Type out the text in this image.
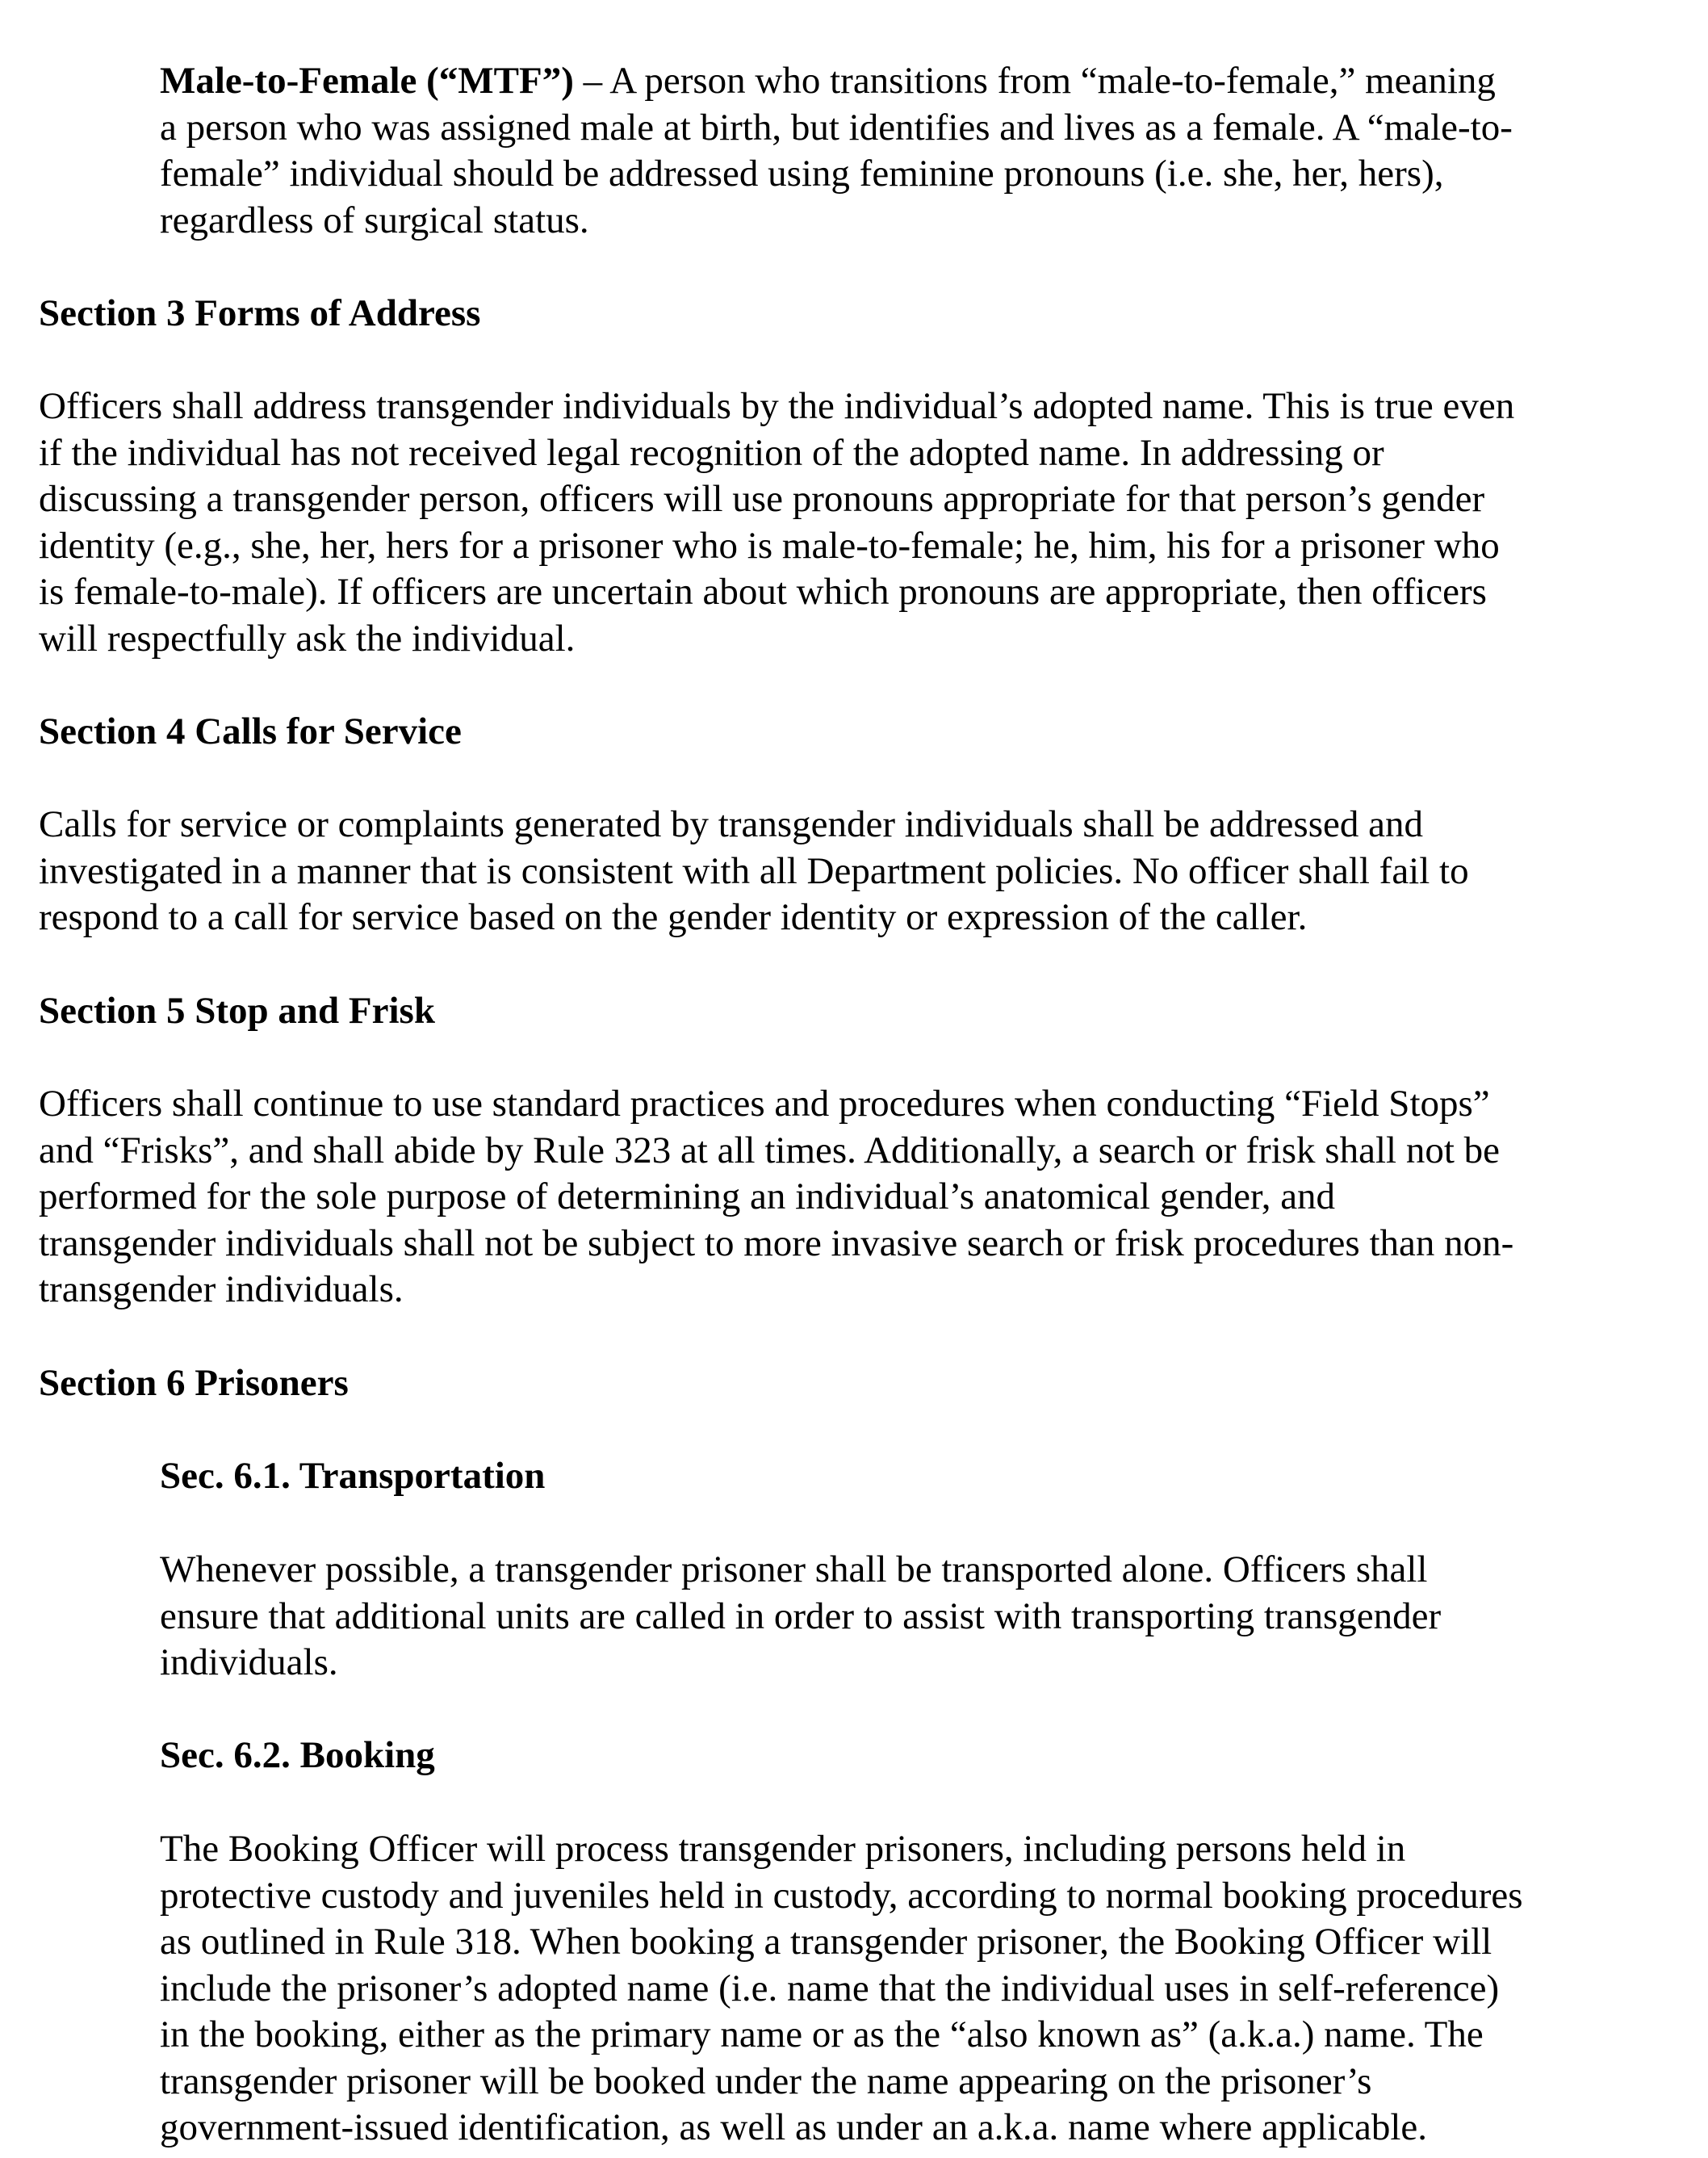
Male-to-Female (“MTF”) – A person who transitions from “male-to-female,” meaning
a person who was assigned male at birth, but identifies and lives as a female. A “male-to-
female” individual should be addressed using feminine pronouns (i.e. she, her, hers),
regardless of surgical status.

Section 3 Forms of Address

Officers shall address transgender individuals by the individual’s adopted name. This is true even
if the individual has not received legal recognition of the adopted name. In addressing or
discussing a transgender person, officers will use pronouns appropriate for that person’s gender
identity (e.g., she, her, hers for a prisoner who is male-to-female; he, him, his for a prisoner who
is female-to-male). If officers are uncertain about which pronouns are appropriate, then officers
will respectfully ask the individual.

Section 4 Calls for Service

Calls for service or complaints generated by transgender individuals shall be addressed and
investigated in a manner that is consistent with all Department policies. No officer shall fail to
respond to a call for service based on the gender identity or expression of the caller.

Section 5 Stop and Frisk

Officers shall continue to use standard practices and procedures when conducting “Field Stops”
and “Frisks”, and shall abide by Rule 323 at all times. Additionally, a search or frisk shall not be
performed for the sole purpose of determining an individual’s anatomical gender, and
transgender individuals shall not be subject to more invasive search or frisk procedures than non-
transgender individuals.

Section 6 Prisoners
Sec. 6.1. Transportation

Whenever possible, a transgender prisoner shall be transported alone. Officers shall
ensure that additional units are called in order to assist with transporting transgender
individuals.

Sec. 6.2. Booking

The Booking Officer will process transgender prisoners, including persons held in
protective custody and juveniles held in custody, according to normal booking procedures
as outlined in Rule 318. When booking a transgender prisoner, the Booking Officer will
include the prisoner’s adopted name (i.e. name that the individual uses in self-reference)
in the booking, either as the primary name or as the “also known as” (a.k.a.) name. The
transgender prisoner will be booked under the name appearing on the prisoner’s
government-issued identification, as well as under an a.k.a. name where applicable.
